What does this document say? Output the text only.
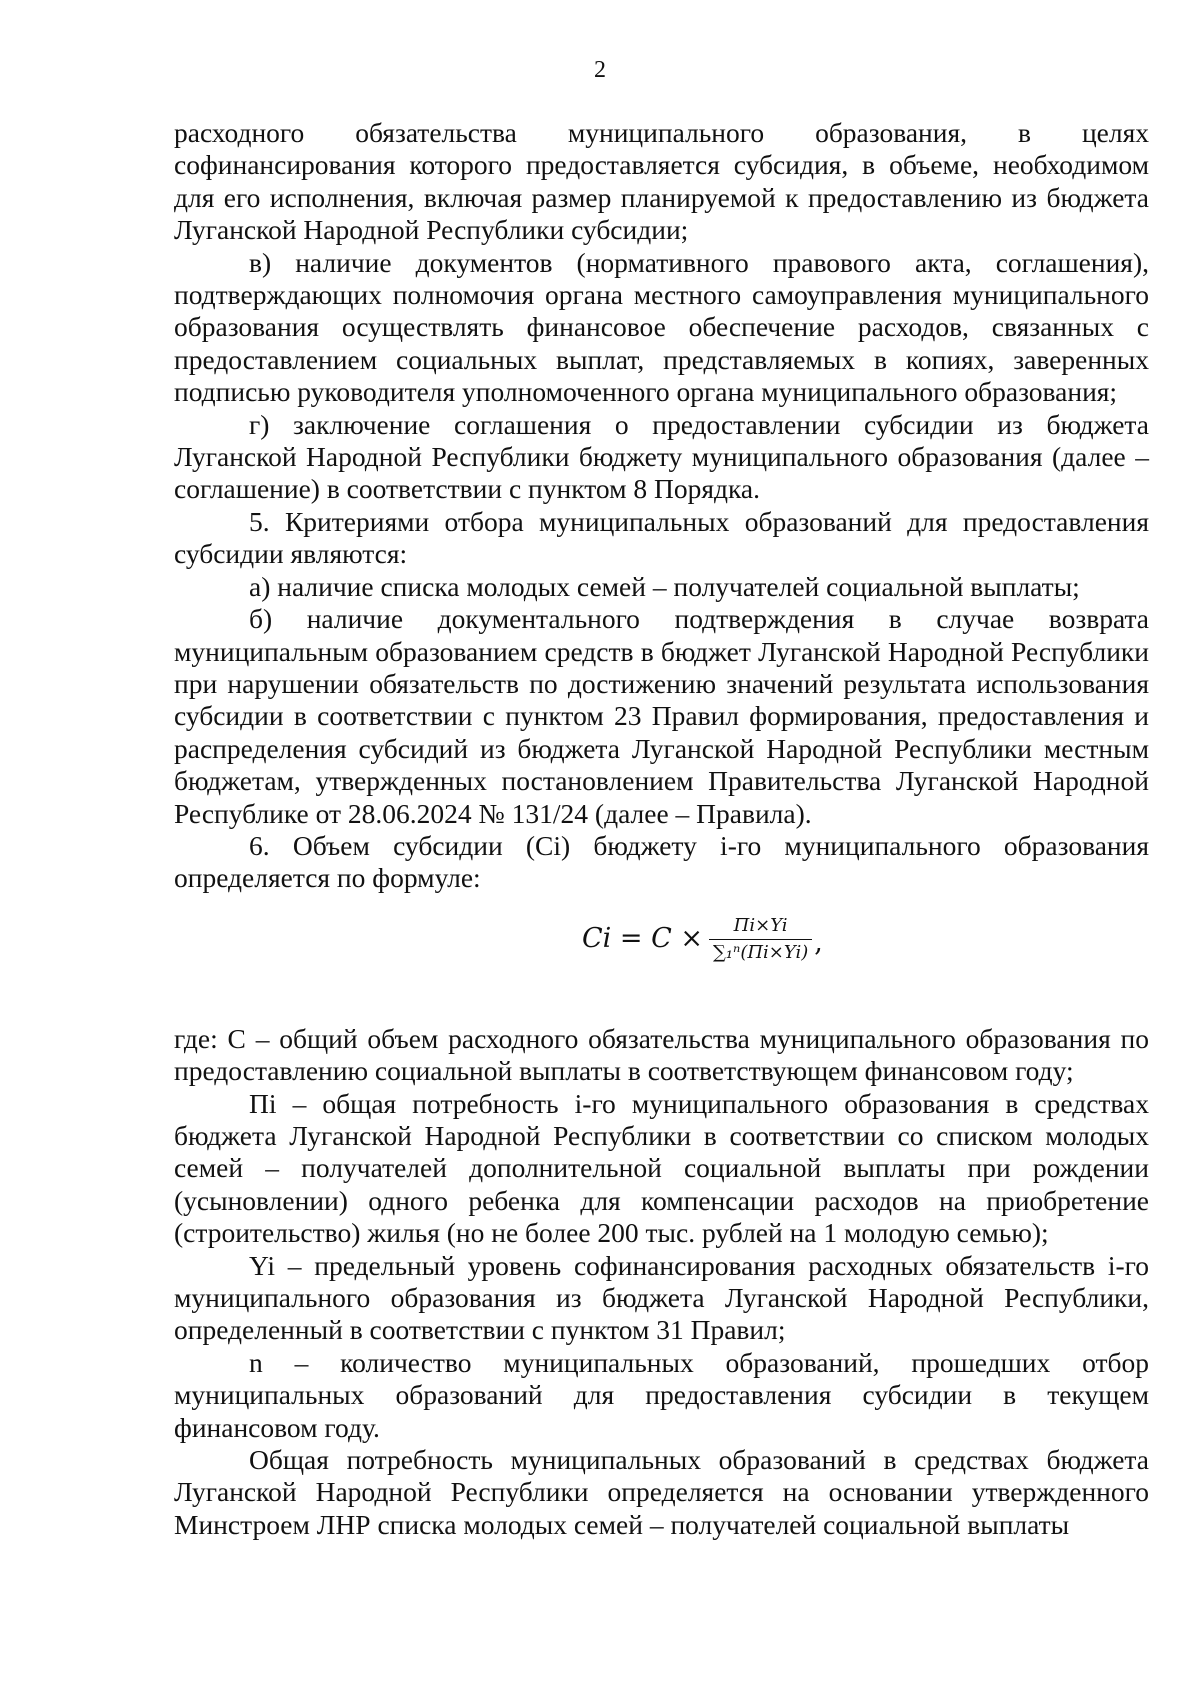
2

расходного обязательства муниципального образования, в целях софинансирования которого предоставляется субсидия, в объеме, необходимом для его исполнения, включая размер планируемой к предоставлению из бюджета Луганской Народной Республики субсидии;

в) наличие документов (нормативного правового акта, соглашения), подтверждающих полномочия органа местного самоуправления муниципального образования осуществлять финансовое обеспечение расходов, связанных с предоставлением социальных выплат, представляемых в копиях, заверенных подписью руководителя уполномоченного органа муниципального образования;

г) заключение соглашения о предоставлении субсидии из бюджета Луганской Народной Республики бюджету муниципального образования (далее – соглашение) в соответствии с пунктом 8 Порядка.

5. Критериями отбора муниципальных образований для предоставления субсидии являются:

а) наличие списка молодых семей – получателей социальной выплаты;

б) наличие документального подтверждения в случае возврата муниципальным образованием средств в бюджет Луганской Народной Республики при нарушении обязательств по достижению значений результата использования субсидии в соответствии с пунктом 23 Правил формирования, предоставления и распределения субсидий из бюджета Луганской Народной Республики местным бюджетам, утвержденных постановлением Правительства Луганской Народной Республике от 28.06.2024 № 131/24 (далее – Правила).

6. Объем субсидии (Ci) бюджету i-го муниципального образования определяется по формуле:

$Ci = C \times \frac{Пi\times Yi}{\text{∑₁ⁿ(Пi×Yi)}}$ ,

где: С – общий объем расходного обязательства муниципального образования по предоставлению социальной выплаты в соответствующем финансовом году;

Пi – общая потребность i-го муниципального образования в средствах бюджета Луганской Народной Республики в соответствии со списком молодых семей – получателей дополнительной социальной выплаты при рождении (усыновлении) одного ребенка для компенсации расходов на приобретение (строительство) жилья (но не более 200 тыс. рублей на 1 молодую семью);

Yi – предельный уровень софинансирования расходных обязательств i-го муниципального образования из бюджета Луганской Народной Республики, определенный в соответствии с пунктом 31 Правил;

n – количество муниципальных образований, прошедших отбор муниципальных образований для предоставления субсидии в текущем финансовом году.

Общая потребность муниципальных образований в средствах бюджета Луганской Народной Республики определяется на основании утвержденного Минстроем ЛНР списка молодых семей – получателей социальной выплаты
